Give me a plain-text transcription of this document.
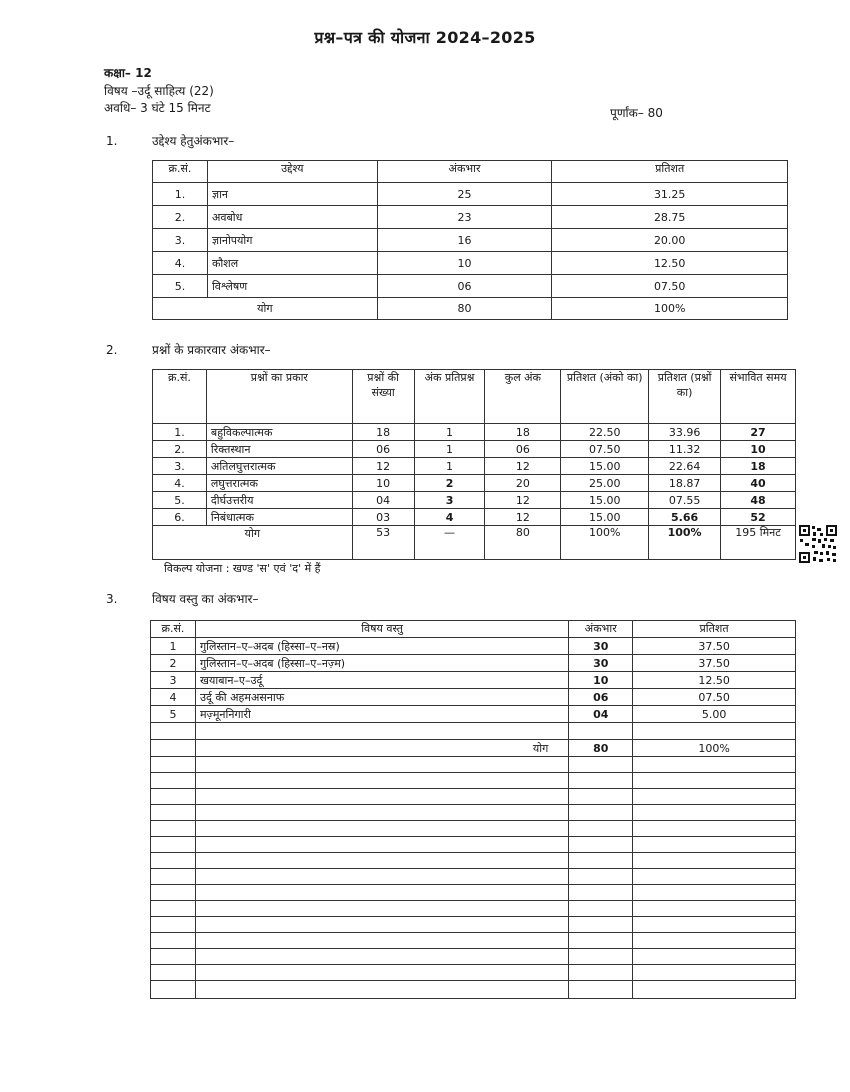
प्रश्न–पत्र की योजना 2024–2025
कक्षा– 12
विषय –उर्दू साहित्य (22)
अवधि– 3 घंटे 15 मिनट	पूर्णांक– 80
1.	उद्देश्य हेतुअंकभार–
क्र.सं.	उद्देश्य	अंकभार	प्रतिशत
1.	ज्ञान	25	31.25
2.	अवबोध	23	28.75
3.	ज्ञानोपयोग	16	20.00
4.	कौशल	10	12.50
5.	विश्लेषण	06	07.50
योग		80	100%
2.	प्रश्नों के प्रकारवार अंकभार–
क्र.सं.	प्रश्नों का प्रकार	प्रश्नों की संख्या	अंक प्रतिप्रश्न	कुल अंक	प्रतिशत (अंको का)	प्रतिशत (प्रश्नों का)	संभावित समय
1.	बहुविकल्पात्मक	18	1	18	22.50	33.96	27
2.	रिक्तस्थान	06	1	06	07.50	11.32	10
3.	अतिलघुत्तरात्मक	12	1	12	15.00	22.64	18
4.	लघुत्तरात्मक	10	2	20	25.00	18.87	40
5.	दीर्घउत्तरीय	04	3	12	15.00	07.55	48
6.	निबंधात्मक	03	4	12	15.00	5.66	52
योग		53	—	80	100%	100%	195 मिनट
विकल्प योजना : खण्ड 'स' एवं 'द' में हैं
3.	विषय वस्तु का अंकभार–
क्र.सं.	विषय वस्तु	अंकभार	प्रतिशत
1	गुलिस्तान–ए–अदब (हिस्सा–ए–नस्र)	30	37.50
2	गुलिस्तान–ए–अदब (हिस्सा–ए–नज़्म)	30	37.50
3	खयाबान–ए–उर्दू	10	12.50
4	उर्दू की अहमअसनाफ	06	07.50
5	मज़्मूननिगारी	04	5.00

	योग	80	100%
